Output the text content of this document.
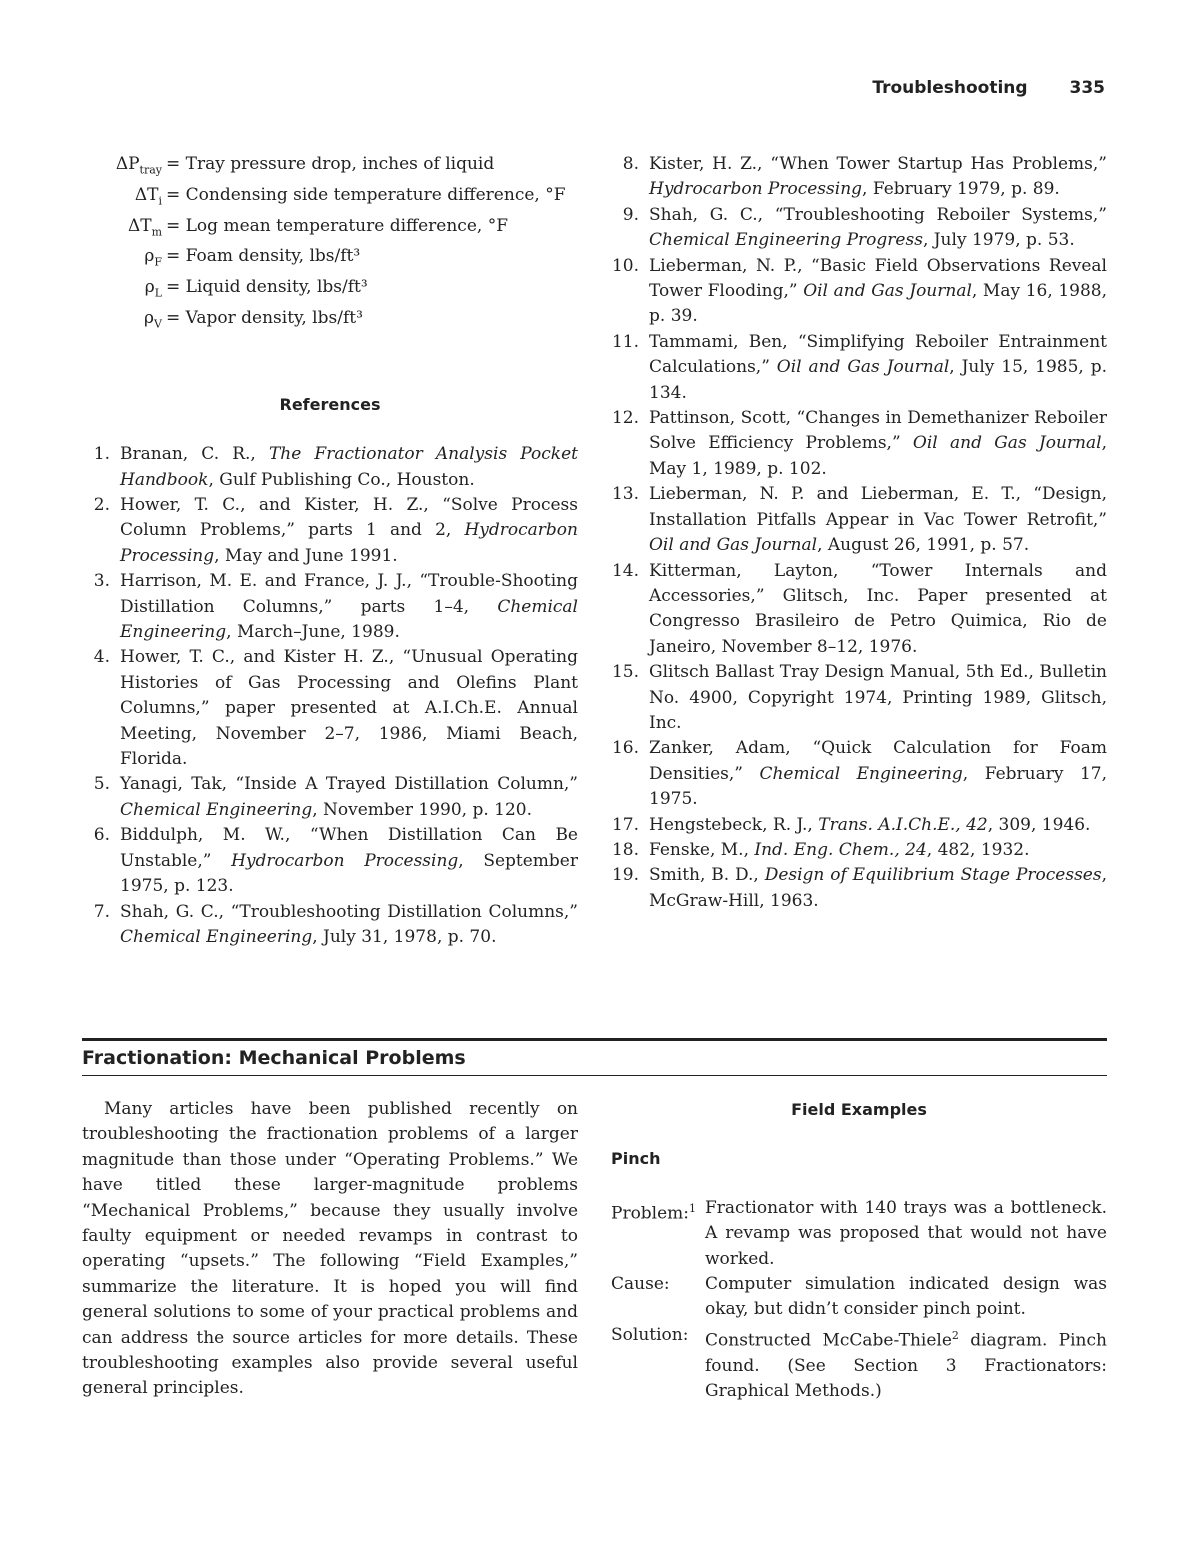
Troubleshooting 335
$\Delta P_{tray}$ = Tray pressure drop, inches of liquid
$\Delta T_i$ = Condensing side temperature difference, °F
$\Delta T_m$ = Log mean temperature difference, °F
$\rho_F$ = Foam density, lbs/ft³
$\rho_L$ = Liquid density, lbs/ft³
$\rho_V$ = Vapor density, lbs/ft³
References
1. Branan, C. R., The Fractionator Analysis Pocket Handbook, Gulf Publishing Co., Houston.
2. Hower, T. C., and Kister, H. Z., “Solve Process Column Problems,” parts 1 and 2, Hydrocarbon Processing, May and June 1991.
3. Harrison, M. E. and France, J. J., “Trouble-Shooting Distillation Columns,” parts 1–4, Chemical Engineering, March–June, 1989.
4. Hower, T. C., and Kister H. Z., “Unusual Operating Histories of Gas Processing and Olefins Plant Columns,” paper presented at A.I.Ch.E. Annual Meeting, November 2–7, 1986, Miami Beach, Florida.
5. Yanagi, Tak, “Inside A Trayed Distillation Column,” Chemical Engineering, November 1990, p. 120.
6. Biddulph, M. W., “When Distillation Can Be Unstable,” Hydrocarbon Processing, September 1975, p. 123.
7. Shah, G. C., “Troubleshooting Distillation Columns,” Chemical Engineering, July 31, 1978, p. 70.
8. Kister, H. Z., “When Tower Startup Has Problems,” Hydrocarbon Processing, February 1979, p. 89.
9. Shah, G. C., “Troubleshooting Reboiler Systems,” Chemical Engineering Progress, July 1979, p. 53.
10. Lieberman, N. P., “Basic Field Observations Reveal Tower Flooding,” Oil and Gas Journal, May 16, 1988, p. 39.
11. Tammami, Ben, “Simplifying Reboiler Entrainment Calculations,” Oil and Gas Journal, July 15, 1985, p. 134.
12. Pattinson, Scott, “Changes in Demethanizer Reboiler Solve Efficiency Problems,” Oil and Gas Journal, May 1, 1989, p. 102.
13. Lieberman, N. P. and Lieberman, E. T., “Design, Installation Pitfalls Appear in Vac Tower Retrofit,” Oil and Gas Journal, August 26, 1991, p. 57.
14. Kitterman, Layton, “Tower Internals and Accessories,” Glitsch, Inc. Paper presented at Congresso Brasileiro de Petro Quimica, Rio de Janeiro, November 8–12, 1976.
15. Glitsch Ballast Tray Design Manual, 5th Ed., Bulletin No. 4900, Copyright 1974, Printing 1989, Glitsch, Inc.
16. Zanker, Adam, “Quick Calculation for Foam Densities,” Chemical Engineering, February 17, 1975.
17. Hengstebeck, R. J., Trans. A.I.Ch.E., 42, 309, 1946.
18. Fenske, M., Ind. Eng. Chem., 24, 482, 1932.
19. Smith, B. D., Design of Equilibrium Stage Processes, McGraw-Hill, 1963.
Fractionation: Mechanical Problems

Many articles have been published recently on troubleshooting the fractionation problems of a larger magnitude than those under “Operating Problems.” We have titled these larger-magnitude problems “Mechanical Problems,” because they usually involve faulty equipment or needed revamps in contrast to operating “upsets.” The following “Field Examples,” summarize the literature. It is hoped you will find general solutions to some of your practical problems and can address the source articles for more details. These troubleshooting examples also provide several useful general principles.

Field Examples
Pinch
Problem:$^1$ Fractionator with 140 trays was a bottleneck. A revamp was proposed that would not have worked.
Cause:	Computer simulation indicated design was okay, but didn’t consider pinch point.
Solution: Constructed McCabe-Thiele$^2$ diagram. Pinch found. (See Section 3 Fractionators: Graphical Methods.)
